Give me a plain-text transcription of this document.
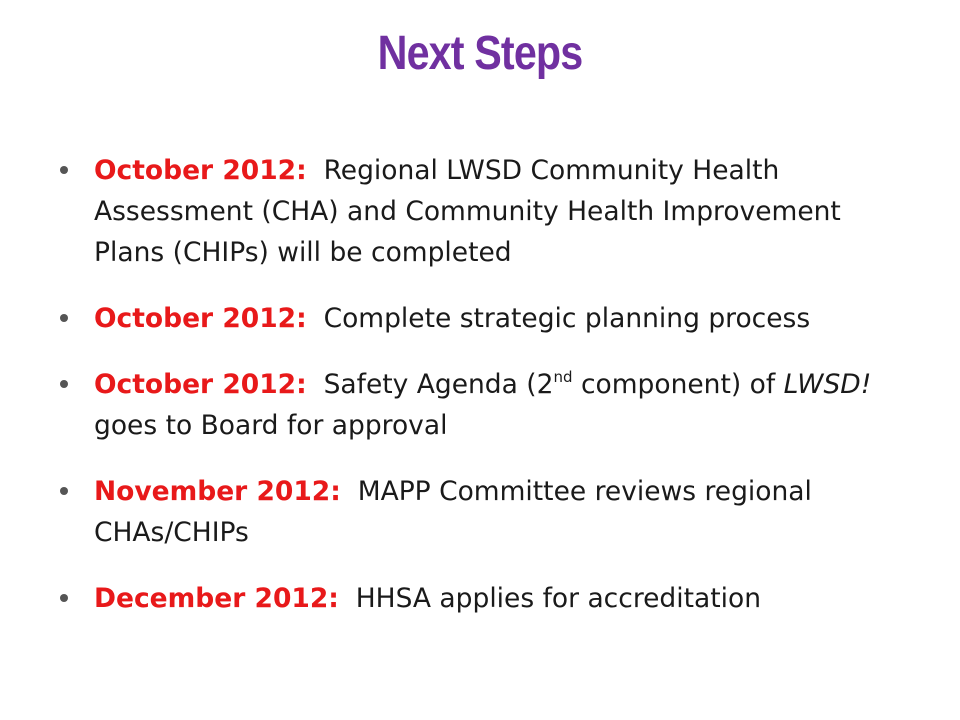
Next Steps
October 2012: Regional LWSD Community Health Assessment (CHA) and Community Health Improvement Plans (CHIPs) will be completed
October 2012: Complete strategic planning process
October 2012: Safety Agenda (2nd component) of LWSD! goes to Board for approval
November 2012: MAPP Committee reviews regional CHAs/CHIPs
December 2012: HHSA applies for accreditation
